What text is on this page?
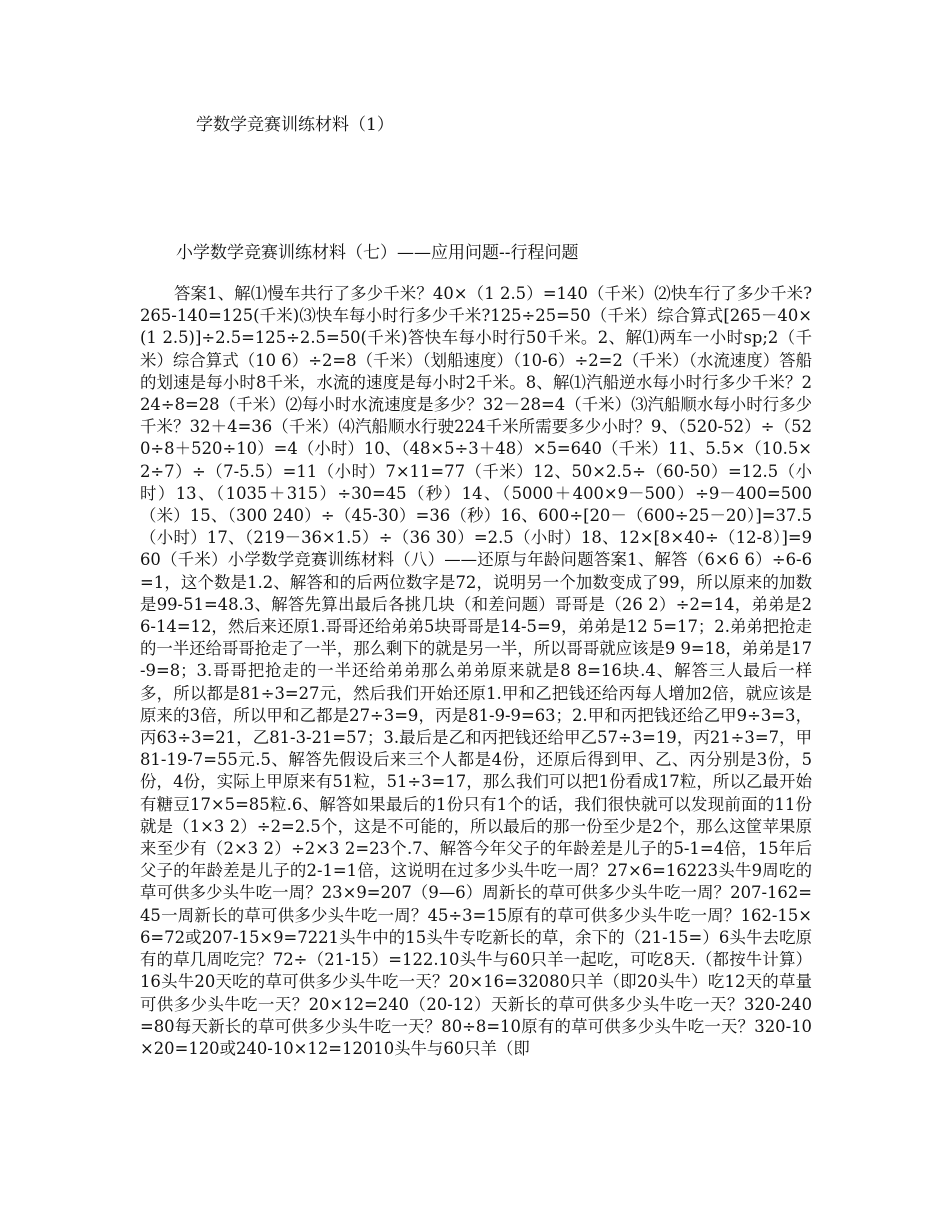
学数学竞赛训练材料（1）
小学数学竞赛训练材料（七）——应用问题--行程问题

答案1、解⑴慢车共行了多少千米？40×（1 2.5）=140（千米）⑵快车行了多少千米?265-140=125(千米)⑶快车每小时行多少千米?125÷25=50（千米）综合算式[265－40×(1 2.5)]÷2.5=125÷2.5=50(千米)答快车每小时行50千米。2、解⑴两车一小时sp;2（千米）综合算式（10 6）÷2=8（千米）（划船速度）（10-6）÷2=2（千米）（水流速度）答船的划速是每小时8千米，水流的速度是每小时2千米。8、解⑴汽船逆水每小时行多少千米？224÷8=28（千米）⑵每小时水流速度是多少？32－28=4（千米）⑶汽船顺水每小时行多少千米？32＋4=36（千米）⑷汽船顺水行驶224千米所需要多少小时？9、（520-52）÷（520÷8＋520÷10）=4（小时）10、（48×5÷3＋48）×5=640（千米）11、5.5×（10.5×2÷7）÷（7-5.5）=11（小时）7×11=77（千米）12、50×2.5÷（60-50）=12.5（小时）13、（1035＋315）÷30=45（秒）14、（5000＋400×9－500）÷9－400=500（米）15、（300 240）÷（45-30）=36（秒）16、600÷[20－（600÷25－20）]=37.5（小时）17、（219－36×1.5）÷（36 30）=2.5（小时）18、12×[8×40÷（12-8）]=960（千米）小学数学竞赛训练材料（八）——还原与年龄问题答案1、解答（6×6 6）÷6-6=1，这个数是1.2、解答和的后两位数字是72，说明另一个加数变成了99，所以原来的加数是99-51=48.3、解答先算出最后各挑几块（和差问题）哥哥是（26 2）÷2=14，弟弟是26-14=12，然后来还原1.哥哥还给弟弟5块哥哥是14-5=9，弟弟是12 5=17；2.弟弟把抢走的一半还给哥哥抢走了一半，那么剩下的就是另一半，所以哥哥就应该是9 9=18，弟弟是17-9=8；3.哥哥把抢走的一半还给弟弟那么弟弟原来就是8 8=16块.4、解答三人最后一样多，所以都是81÷3=27元，然后我们开始还原1.甲和乙把钱还给丙每人增加2倍，就应该是原来的3倍，所以甲和乙都是27÷3=9，丙是81-9-9=63；2.甲和丙把钱还给乙甲9÷3=3，丙63÷3=21，乙81-3-21=57；3.最后是乙和丙把钱还给甲乙57÷3=19，丙21÷3=7，甲81-19-7=55元.5、解答先假设后来三个人都是4份，还原后得到甲、乙、丙分别是3份，5份，4份，实际上甲原来有51粒，51÷3=17，那么我们可以把1份看成17粒，所以乙最开始有糖豆17×5=85粒.6、解答如果最后的1份只有1个的话，我们很快就可以发现前面的11份就是（1×3 2）÷2=2.5个，这是不可能的，所以最后的那一份至少是2个，那么这筐苹果原来至少有（2×3 2）÷2×3 2=23个.7、解答今年父子的年龄差是儿子的5-1=4倍，15年后父子的年龄差是儿子的2-1=1倍，这说明在过多少头牛吃一周？27×6=16223头牛9周吃的草可供多少头牛吃一周？23×9=207（9—6）周新长的草可供多少头牛吃一周？207-162=45一周新长的草可供多少头牛吃一周？45÷3=15原有的草可供多少头牛吃一周？162-15×6=72或207-15×9=7221头牛中的15头牛专吃新长的草，余下的（21-15=）6头牛去吃原有的草几周吃完？72÷（21-15）=122.10头牛与60只羊一起吃，可吃8天.（都按牛计算）16头牛20天吃的草可供多少头牛吃一天？20×16=32080只羊（即20头牛）吃12天的草量可供多少头牛吃一天？20×12=240（20-12）天新长的草可供多少头牛吃一天？320-240=80每天新长的草可供多少头牛吃一天？80÷8=10原有的草可供多少头牛吃一天？320-10×20=120或240-10×12=12010头牛与60只羊（即
